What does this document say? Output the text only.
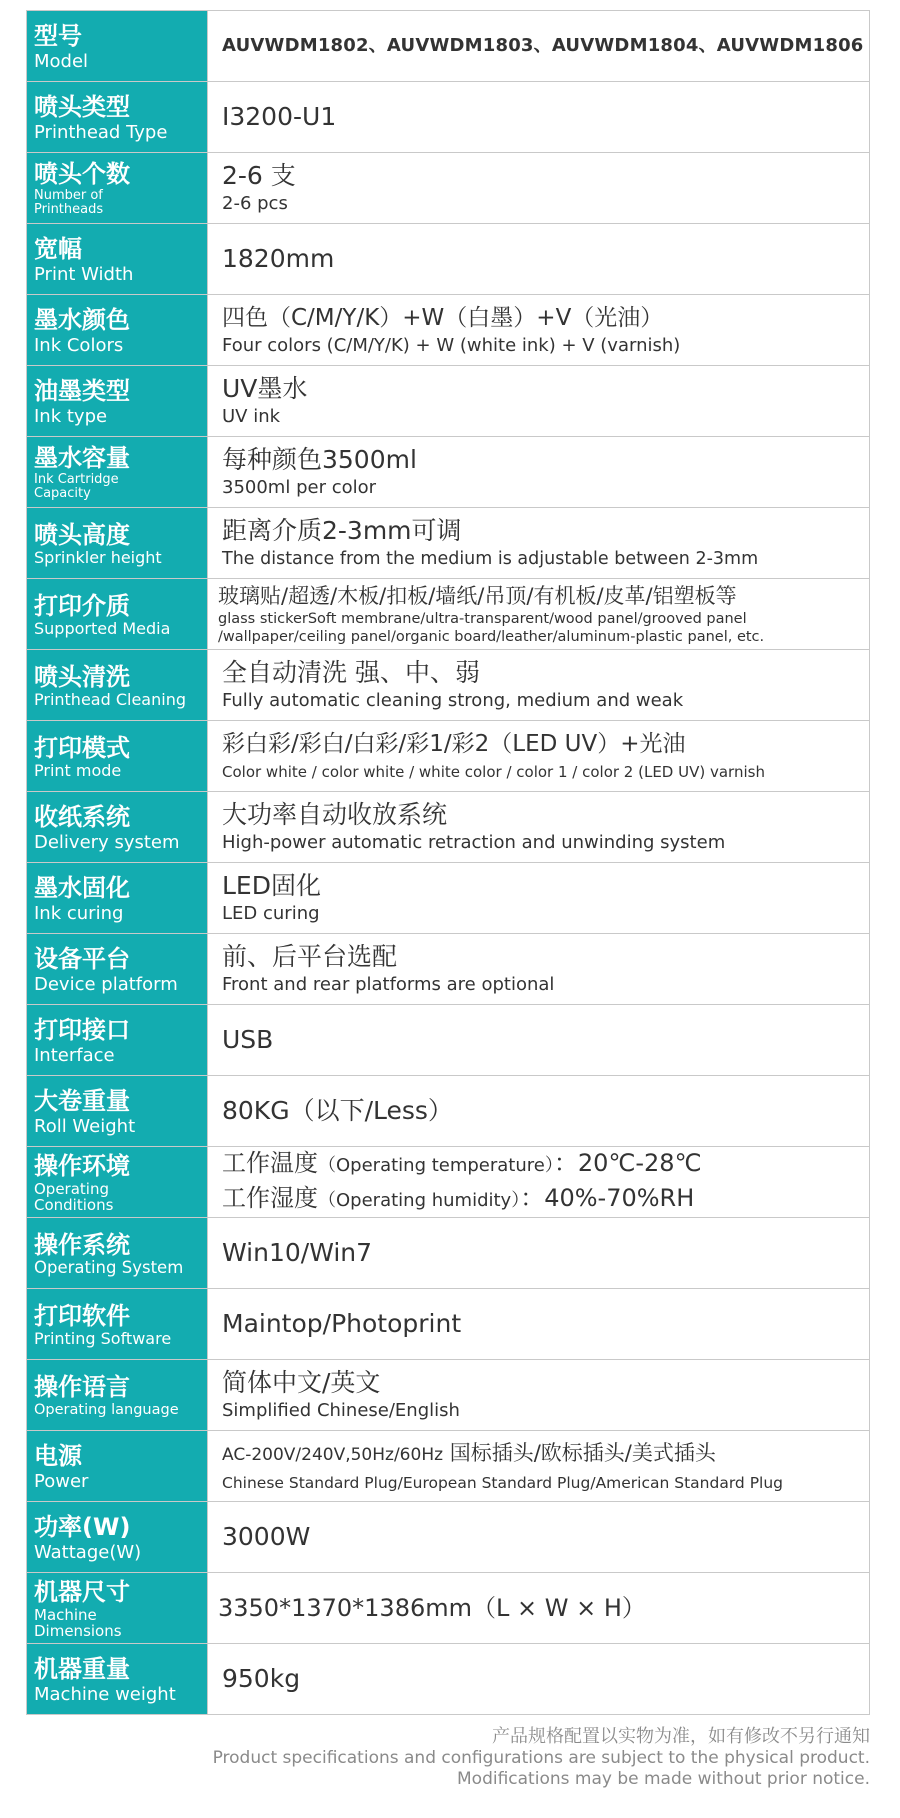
型号
Model	AUVWDM1802、AUVWDM1803、AUVWDM1804、AUVWDM1806

喷头类型
Printhead Type	I3200-U1

喷头个数
Number of Printheads	2-6 支
2-6 pcs

宽幅
Print Width	1820mm

墨水颜色
Ink Colors	四色（C/M/Y/K）+W（白墨）+V（光油）
Four colors (C/M/Y/K) + W (white ink) + V (varnish)

油墨类型
Ink type	UV墨水
UV ink

墨水容量
Ink Cartridge Capacity	每种颜色3500ml
3500ml per color

喷头高度
Sprinkler height	距离介质2-3mm可调
The distance from the medium is adjustable between 2-3mm

打印介质
Supported Media	玻璃贴/超透/木板/扣板/墙纸/吊顶/有机板/皮革/铝塑板等
glass stickerSoft membrane/ultra-transparent/wood panel/grooved panel
/wallpaper/ceiling panel/organic board/leather/aluminum-plastic panel, etc.

喷头清洗
Printhead Cleaning	全自动清洗 强、中、弱
Fully automatic cleaning strong, medium and weak

打印模式
Print mode	彩白彩/彩白/白彩/彩1/彩2（LED UV）+光油
Color white / color white / white color / color 1 / color 2 (LED UV) varnish

收纸系统
Delivery system	大功率自动收放系统
High-power automatic retraction and unwinding system

墨水固化
Ink curing	LED固化
LED curing

设备平台
Device platform	前、后平台选配
Front and rear platforms are optional

打印接口
Interface	USB

大卷重量
Roll Weight	80KG（以下/Less）

操作环境
Operating Conditions	工作温度（Operating temperature）：20℃-28℃
工作湿度（Operating humidity）：40%-70%RH

操作系统
Operating System	Win10/Win7

打印软件
Printing Software	Maintop/Photoprint

操作语言
Operating language	简体中文/英文
Simplified Chinese/English

电源
Power	AC-200V/240V,50Hz/60Hz 国标插头/欧标插头/美式插头
Chinese Standard Plug/European Standard Plug/American Standard Plug

功率(W)
Wattage(W)	3000W

机器尺寸
Machine Dimensions	3350*1370*1386mm（L × W × H）

机器重量
Machine weight	950kg
产品规格配置以实物为准，如有修改不另行通知
Product specifications and configurations are subject to the physical product.
Modifications may be made without prior notice.
